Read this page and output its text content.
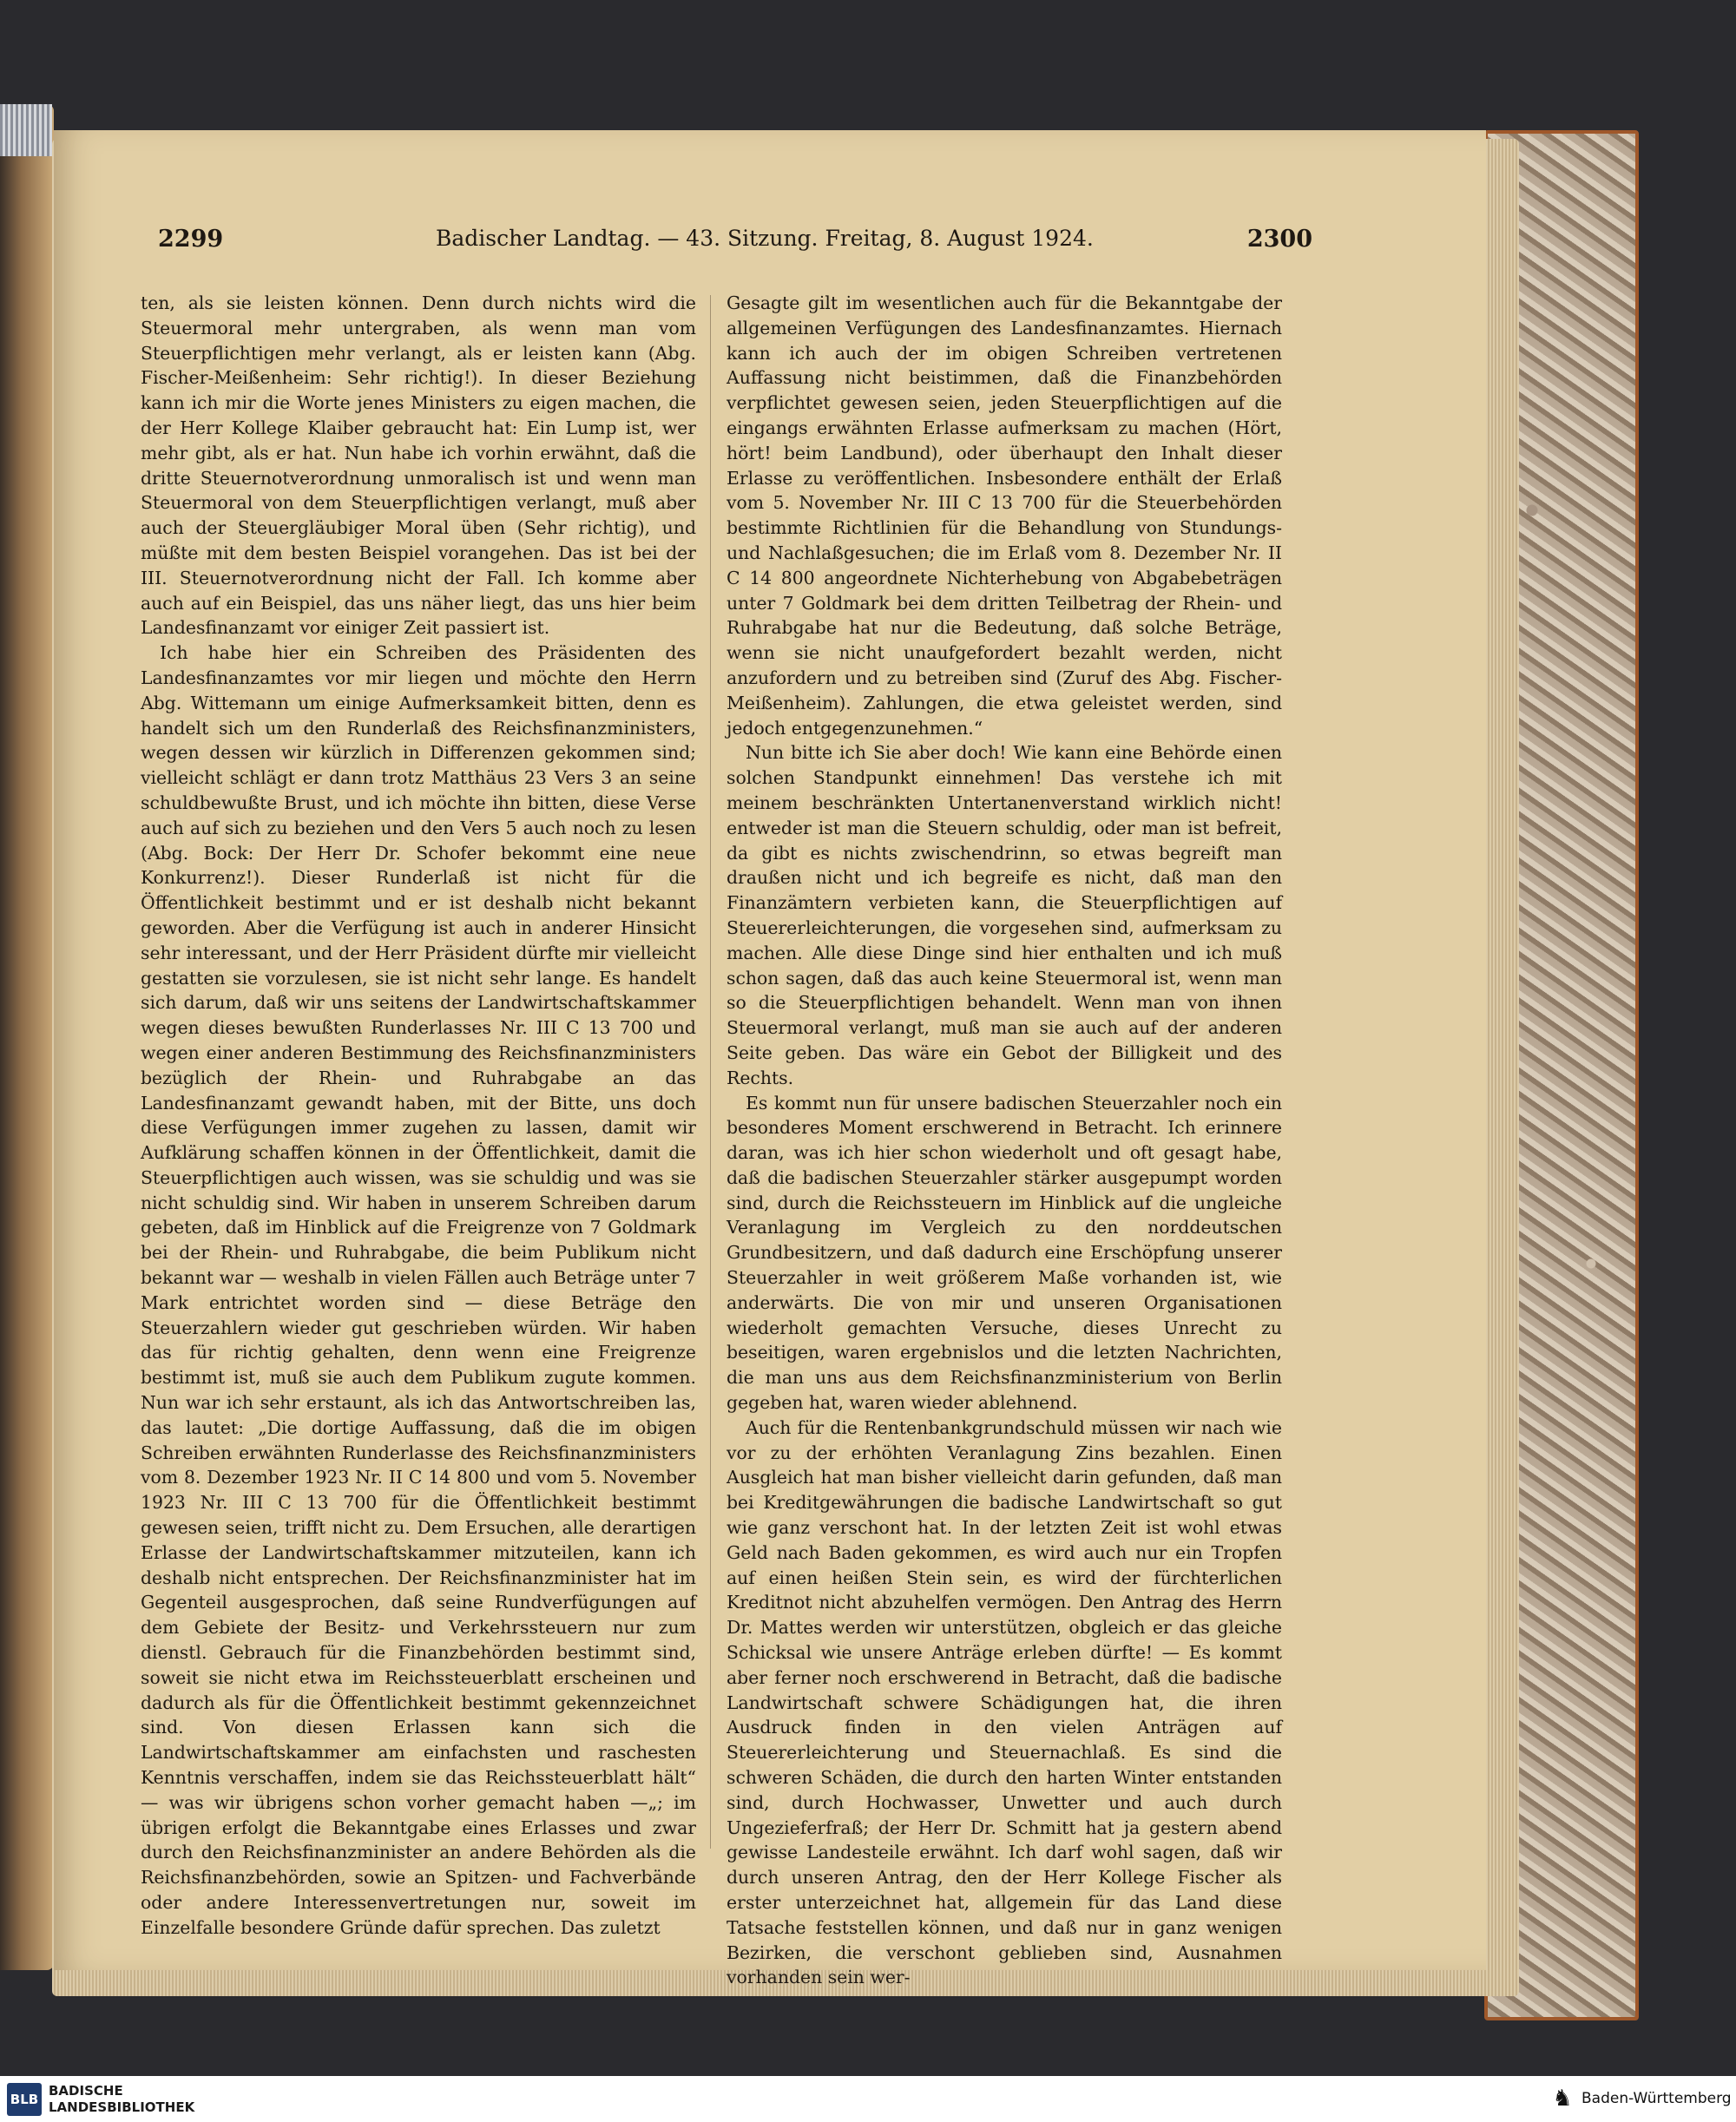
2299	Badischer Landtag. — 43. Sitzung. Freitag, 8. August 1924.	2300

ten, als sie leisten können. Denn durch nichts wird die Steuermoral mehr untergraben, als wenn man vom Steuerpflichtigen mehr verlangt, als er leisten kann (Abg. Fischer-Meißenheim: Sehr richtig!). In dieser Beziehung kann ich mir die Worte jenes Ministers zu eigen machen, die der Herr Kollege Klaiber gebraucht hat: Ein Lump ist, wer mehr gibt, als er hat. Nun habe ich vorhin erwähnt, daß die dritte Steuernotverordnung unmoralisch ist und wenn man Steuermoral von dem Steuerpflichtigen verlangt, muß aber auch der Steuergläubiger Moral üben (Sehr richtig), und müßte mit dem besten Beispiel vorangehen. Das ist bei der III. Steuernotverordnung nicht der Fall. Ich komme aber auch auf ein Beispiel, das uns näher liegt, das uns hier beim Landesfinanzamt vor einiger Zeit passiert ist.

Ich habe hier ein Schreiben des Präsidenten des Landesfinanzamtes vor mir liegen und möchte den Herrn Abg. Wittemann um einige Aufmerksamkeit bitten, denn es handelt sich um den Runderlaß des Reichsfinanzministers, wegen dessen wir kürzlich in Differenzen gekommen sind; vielleicht schlägt er dann trotz Matthäus 23 Vers 3 an seine schuldbewußte Brust, und ich möchte ihn bitten, diese Verse auch auf sich zu beziehen und den Vers 5 auch noch zu lesen (Abg. Bock: Der Herr Dr. Schofer bekommt eine neue Konkurrenz!). Dieser Runderlaß ist nicht für die Öffentlichkeit bestimmt und er ist deshalb nicht bekannt geworden. Aber die Verfügung ist auch in anderer Hinsicht sehr interessant, und der Herr Präsident dürfte mir vielleicht gestatten sie vorzulesen, sie ist nicht sehr lange. Es handelt sich darum, daß wir uns seitens der Landwirtschaftskammer wegen dieses bewußten Runderlasses Nr. III C 13 700 und wegen einer anderen Bestimmung des Reichsfinanzministers bezüglich der Rhein- und Ruhrabgabe an das Landesfinanzamt gewandt haben, mit der Bitte, uns doch diese Verfügungen immer zugehen zu lassen, damit wir Aufklärung schaffen können in der Öffentlichkeit, damit die Steuerpflichtigen auch wissen, was sie schuldig und was sie nicht schuldig sind. Wir haben in unserem Schreiben darum gebeten, daß im Hinblick auf die Freigrenze von 7 Goldmark bei der Rhein- und Ruhrabgabe, die beim Publikum nicht bekannt war — weshalb in vielen Fällen auch Beträge unter 7 Mark entrichtet worden sind — diese Beträge den Steuerzahlern wieder gut geschrieben würden. Wir haben das für richtig gehalten, denn wenn eine Freigrenze bestimmt ist, muß sie auch dem Publikum zugute kommen. Nun war ich sehr erstaunt, als ich das Antwortschreiben las, das lautet: „Die dortige Auffassung, daß die im obigen Schreiben erwähnten Runderlasse des Reichsfinanzministers vom 8. Dezember 1923 Nr. II C 14 800 und vom 5. November 1923 Nr. III C 13 700 für die Öffentlichkeit bestimmt gewesen seien, trifft nicht zu. Dem Ersuchen, alle derartigen Erlasse der Landwirtschaftskammer mitzuteilen, kann ich deshalb nicht entsprechen. Der Reichsfinanzminister hat im Gegenteil ausgesprochen, daß seine Rundverfügungen auf dem Gebiete der Besitz- und Verkehrssteuern nur zum dienstl. Gebrauch für die Finanzbehörden bestimmt sind, soweit sie nicht etwa im Reichssteuerblatt erscheinen und dadurch als für die Öffentlichkeit bestimmt gekennzeichnet sind. Von diesen Erlassen kann sich die Landwirtschaftskammer am einfachsten und raschesten Kenntnis verschaffen, indem sie das Reichssteuerblatt hält“ — was wir übrigens schon vorher gemacht haben —„; im übrigen erfolgt die Bekanntgabe eines Erlasses und zwar durch den Reichsfinanzminister an andere Behörden als die Reichsfinanzbehörden, sowie an Spitzen- und Fachverbände oder andere Interessenvertretungen nur, soweit im Einzelfalle besondere Gründe dafür sprechen. Das zuletzt

Gesagte gilt im wesentlichen auch für die Bekanntgabe der allgemeinen Verfügungen des Landesfinanzamtes. Hiernach kann ich auch der im obigen Schreiben vertretenen Auffassung nicht beistimmen, daß die Finanzbehörden verpflichtet gewesen seien, jeden Steuerpflichtigen auf die eingangs erwähnten Erlasse aufmerksam zu machen (Hört, hört! beim Landbund), oder überhaupt den Inhalt dieser Erlasse zu veröffentlichen. Insbesondere enthält der Erlaß vom 5. November Nr. III C 13 700 für die Steuerbehörden bestimmte Richtlinien für die Behandlung von Stundungs- und Nachlaßgesuchen; die im Erlaß vom 8. Dezember Nr. II C 14 800 angeordnete Nichterhebung von Abgabebeträgen unter 7 Goldmark bei dem dritten Teilbetrag der Rhein- und Ruhrabgabe hat nur die Bedeutung, daß solche Beträge, wenn sie nicht unaufgefordert bezahlt werden, nicht anzufordern und zu betreiben sind (Zuruf des Abg. Fischer-Meißenheim). Zahlungen, die etwa geleistet werden, sind jedoch entgegenzunehmen.“

Nun bitte ich Sie aber doch! Wie kann eine Behörde einen solchen Standpunkt einnehmen! Das verstehe ich mit meinem beschränkten Untertanenverstand wirklich nicht! entweder ist man die Steuern schuldig, oder man ist befreit, da gibt es nichts zwischendrinn, so etwas begreift man draußen nicht und ich begreife es nicht, daß man den Finanzämtern verbieten kann, die Steuerpflichtigen auf Steuererleichterungen, die vorgesehen sind, aufmerksam zu machen. Alle diese Dinge sind hier enthalten und ich muß schon sagen, daß das auch keine Steuermoral ist, wenn man so die Steuerpflichtigen behandelt. Wenn man von ihnen Steuermoral verlangt, muß man sie auch auf der anderen Seite geben. Das wäre ein Gebot der Billigkeit und des Rechts.

Es kommt nun für unsere badischen Steuerzahler noch ein besonderes Moment erschwerend in Betracht. Ich erinnere daran, was ich hier schon wiederholt und oft gesagt habe, daß die badischen Steuerzahler stärker ausgepumpt worden sind, durch die Reichssteuern im Hinblick auf die ungleiche Veranlagung im Vergleich zu den norddeutschen Grundbesitzern, und daß dadurch eine Erschöpfung unserer Steuerzahler in weit größerem Maße vorhanden ist, wie anderwärts. Die von mir und unseren Organisationen wiederholt gemachten Versuche, dieses Unrecht zu beseitigen, waren ergebnislos und die letzten Nachrichten, die man uns aus dem Reichsfinanzministerium von Berlin gegeben hat, waren wieder ablehnend.

Auch für die Rentenbankgrundschuld müssen wir nach wie vor zu der erhöhten Veranlagung Zins bezahlen. Einen Ausgleich hat man bisher vielleicht darin gefunden, daß man bei Kreditgewährungen die badische Landwirtschaft so gut wie ganz verschont hat. In der letzten Zeit ist wohl etwas Geld nach Baden gekommen, es wird auch nur ein Tropfen auf einen heißen Stein sein, es wird der fürchterlichen Kreditnot nicht abzuhelfen vermögen. Den Antrag des Herrn Dr. Mattes werden wir unterstützen, obgleich er das gleiche Schicksal wie unsere Anträge erleben dürfte! — Es kommt aber ferner noch erschwerend in Betracht, daß die badische Landwirtschaft schwere Schädigungen hat, die ihren Ausdruck finden in den vielen Anträgen auf Steuererleichterung und Steuernachlaß. Es sind die schweren Schäden, die durch den harten Winter entstanden sind, durch Hochwasser, Unwetter und auch durch Ungezieferfraß; der Herr Dr. Schmitt hat ja gestern abend gewisse Landesteile erwähnt. Ich darf wohl sagen, daß wir durch unseren Antrag, den der Herr Kollege Fischer als erster unterzeichnet hat, allgemein für das Land diese Tatsache feststellen können, und daß nur in ganz wenigen Bezirken, die verschont geblieben sind, Ausnahmen vorhanden sein wer-

BLB
BADISCHE
LANDESBIBLIOTHEK	♞ Baden-Württemberg
